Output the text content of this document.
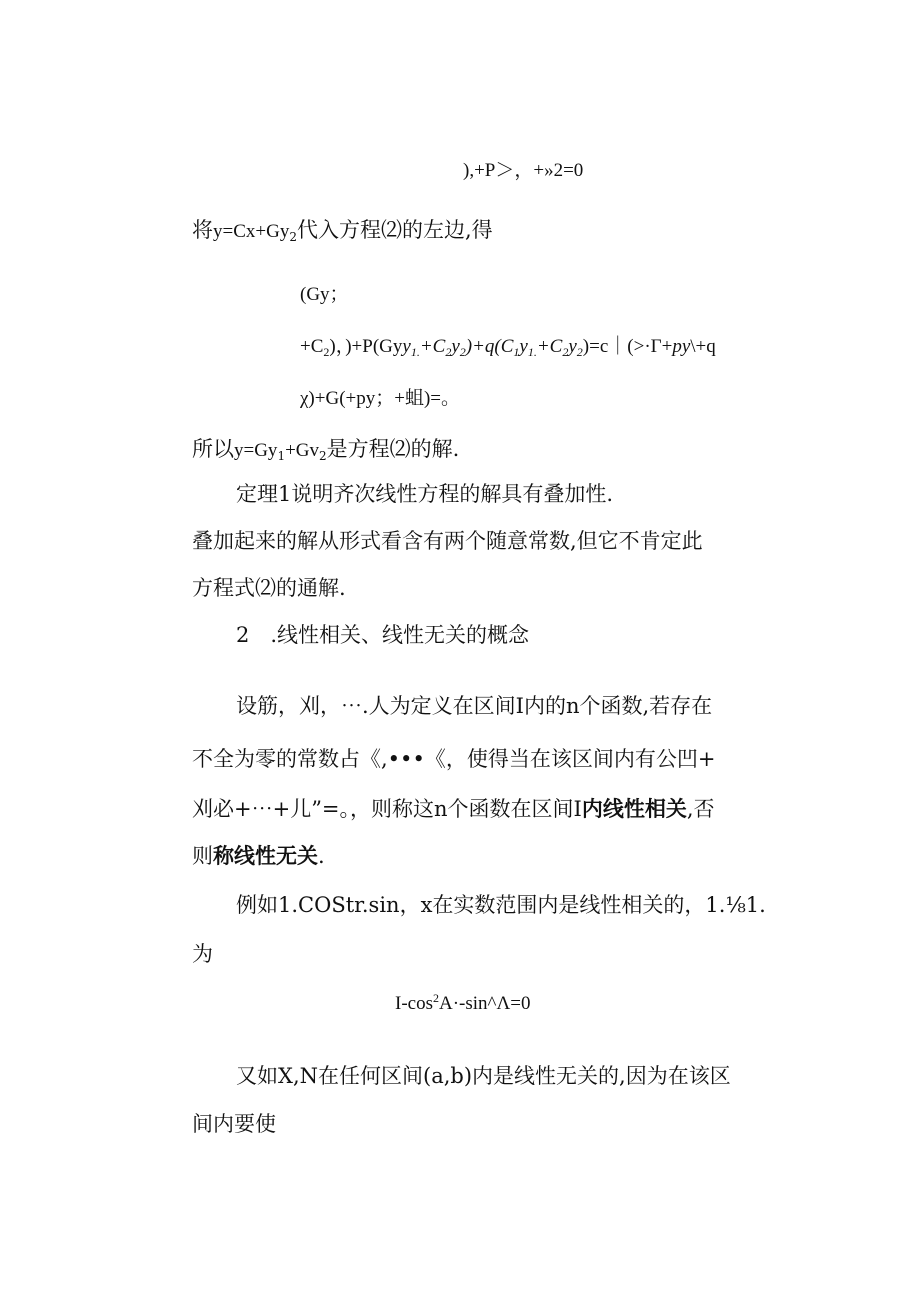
),+P＞，+»2=0
将$y=Cx+Gy_2$代入方程⑵的左边,得
(Gy；
$+C_2$)，)$+P(Gyy_{1.}+C_2y_2)+q(C_1y_{1.}+C_2y_2)=c|(>\cdot\Gamma+py\backslash+q$
χ)+G(+py；+蛆)=。
所以$y=Gy_1+Gv_2$是方程⑵的解.
定理1说明齐次线性方程的解具有叠加性.
叠加起来的解从形式看含有两个随意常数,但它不肯定此
方程式⑵的通解.
2　.线性相关、线性无关的概念
设筋，刈，⋯.人为定义在区间I内的n个函数,若存在
不全为零的常数占《,•••《，使得当在该区间内有公凹+
刈必+⋯+儿”=。，则称这n个函数在区间I内线性相关,否
则称线性无关.
例如1.COStr.sin，x在实数范围内是线性相关的，1.⅛1.
为
$I-\cos^2A\cdot-\sin\^{}\Lambda=0$
又如X,N在任何区间(a,b)内是线性无关的,因为在该区
间内要使
